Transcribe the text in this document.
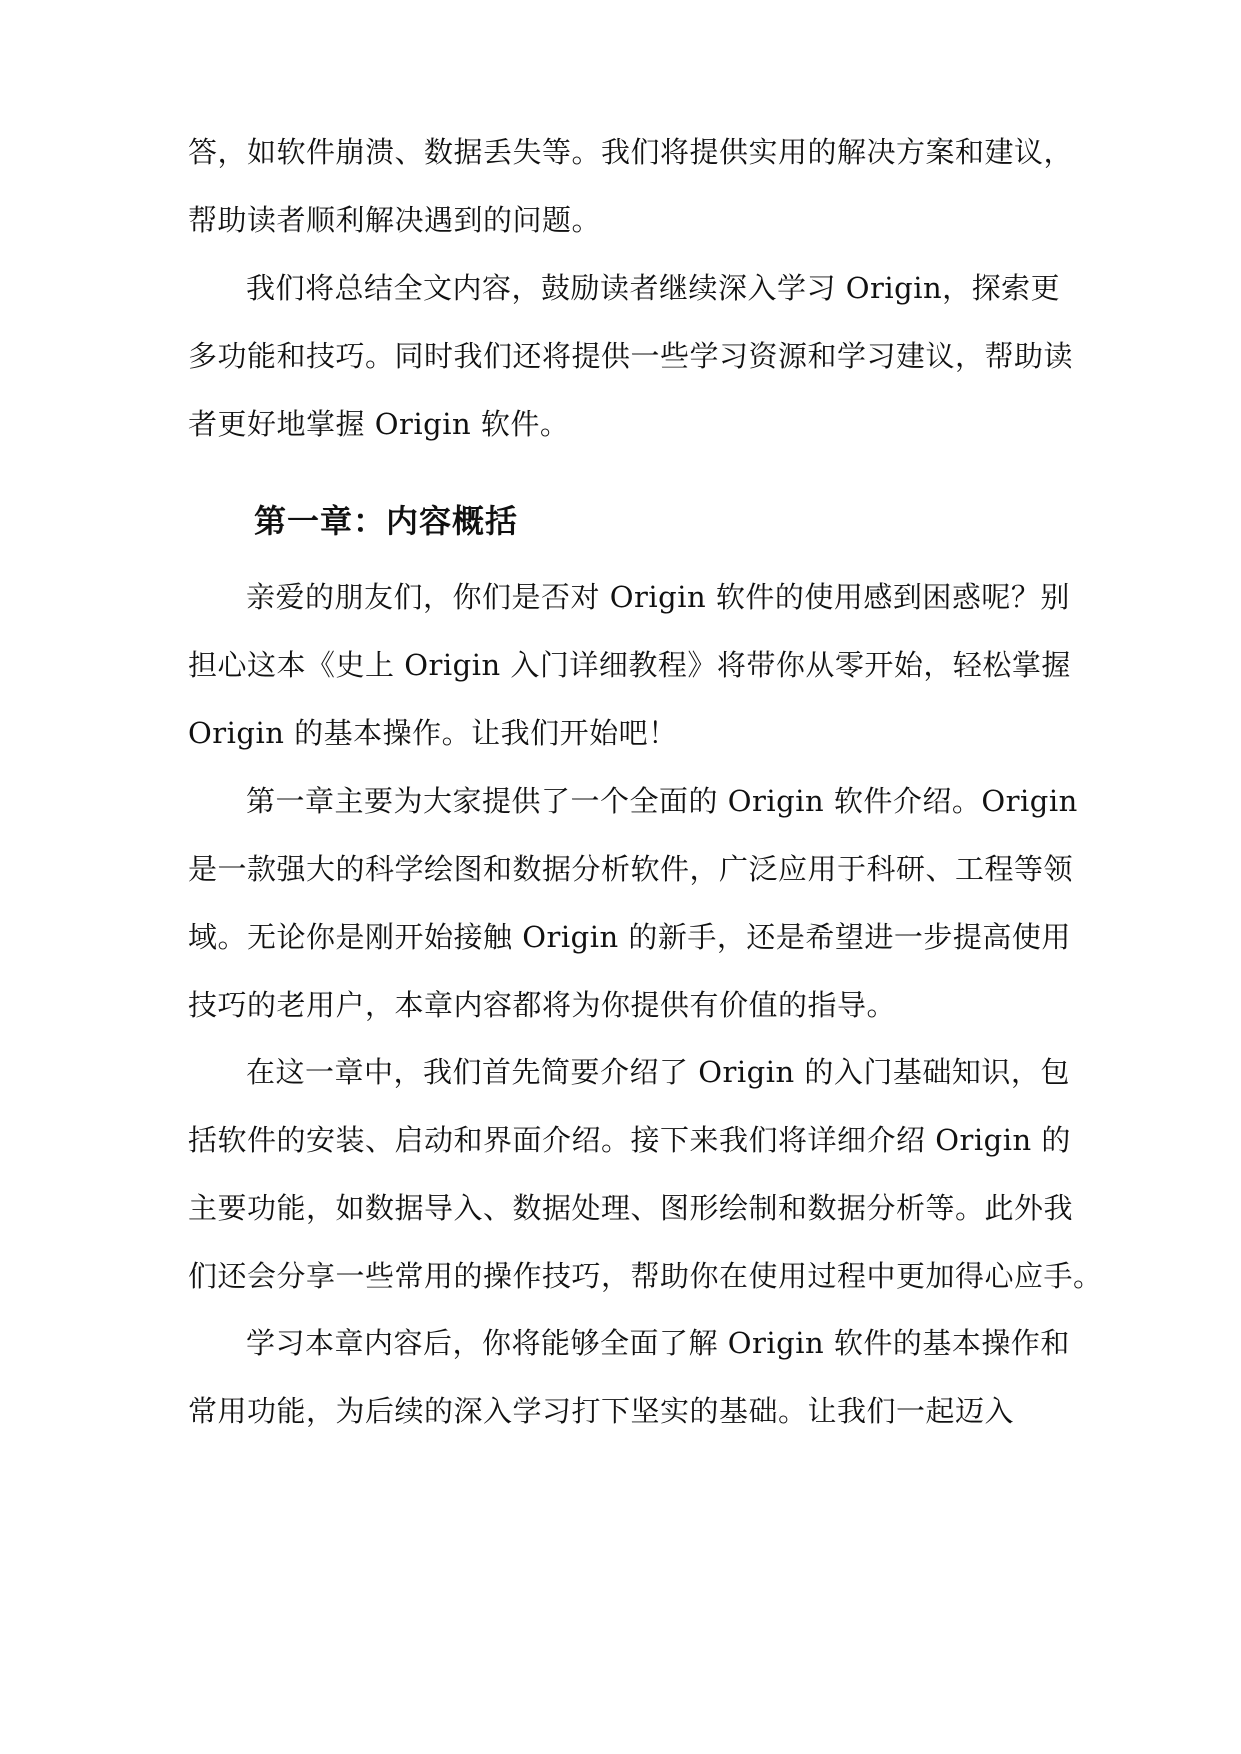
答，如软件崩溃、数据丢失等。我们将提供实用的解决方案和建议，
帮助读者顺利解决遇到的问题。
我们将总结全文内容，鼓励读者继续深入学习 Origin，探索更
多功能和技巧。同时我们还将提供一些学习资源和学习建议，帮助读
者更好地掌握 Origin 软件。
第一章：内容概括
亲爱的朋友们，你们是否对 Origin 软件的使用感到困惑呢？别
担心这本《史上 Origin 入门详细教程》将带你从零开始，轻松掌握
Origin 的基本操作。让我们开始吧！
第一章主要为大家提供了一个全面的 Origin 软件介绍。Origin
是一款强大的科学绘图和数据分析软件，广泛应用于科研、工程等领
域。无论你是刚开始接触 Origin 的新手，还是希望进一步提高使用
技巧的老用户，本章内容都将为你提供有价值的指导。
在这一章中，我们首先简要介绍了 Origin 的入门基础知识，包
括软件的安装、启动和界面介绍。接下来我们将详细介绍 Origin 的
主要功能，如数据导入、数据处理、图形绘制和数据分析等。此外我
们还会分享一些常用的操作技巧，帮助你在使用过程中更加得心应手。
学习本章内容后，你将能够全面了解 Origin 软件的基本操作和
常用功能，为后续的深入学习打下坚实的基础。让我们一起迈入
